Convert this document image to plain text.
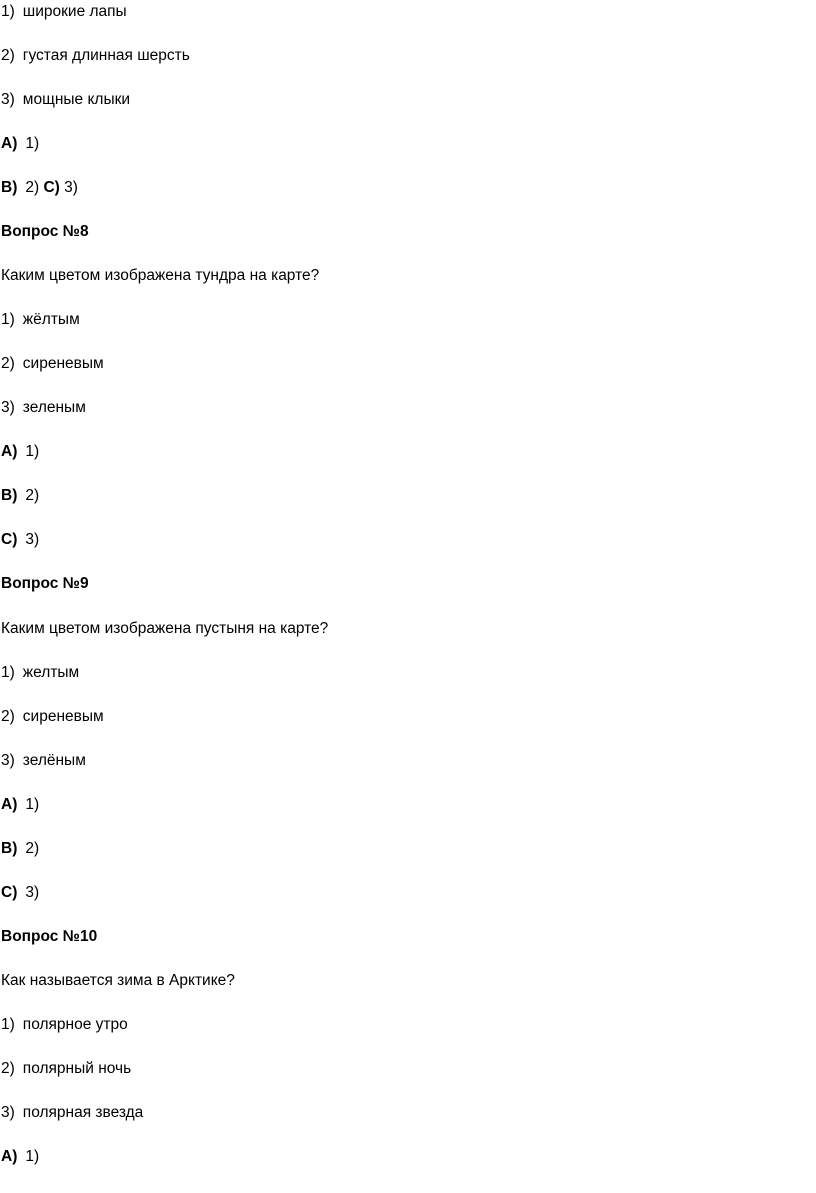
1) широкие лапы
2) густая длинная шерсть
3) мощные клыки
A) 1)
B) 2) C) 3)
Вопрос №8
Каким цветом изображена тундра на карте?
1) жёлтым
2) сиреневым
3) зеленым
A) 1)
B) 2)
C) 3)
Вопрос №9
Каким цветом изображена пустыня на карте?
1) желтым
2) сиреневым
3) зелёным
A) 1)
B) 2)
C) 3)
Вопрос №10
Как называется зима в Арктике?
1) полярное утро
2) полярный ночь
3) полярная звезда
A) 1)
